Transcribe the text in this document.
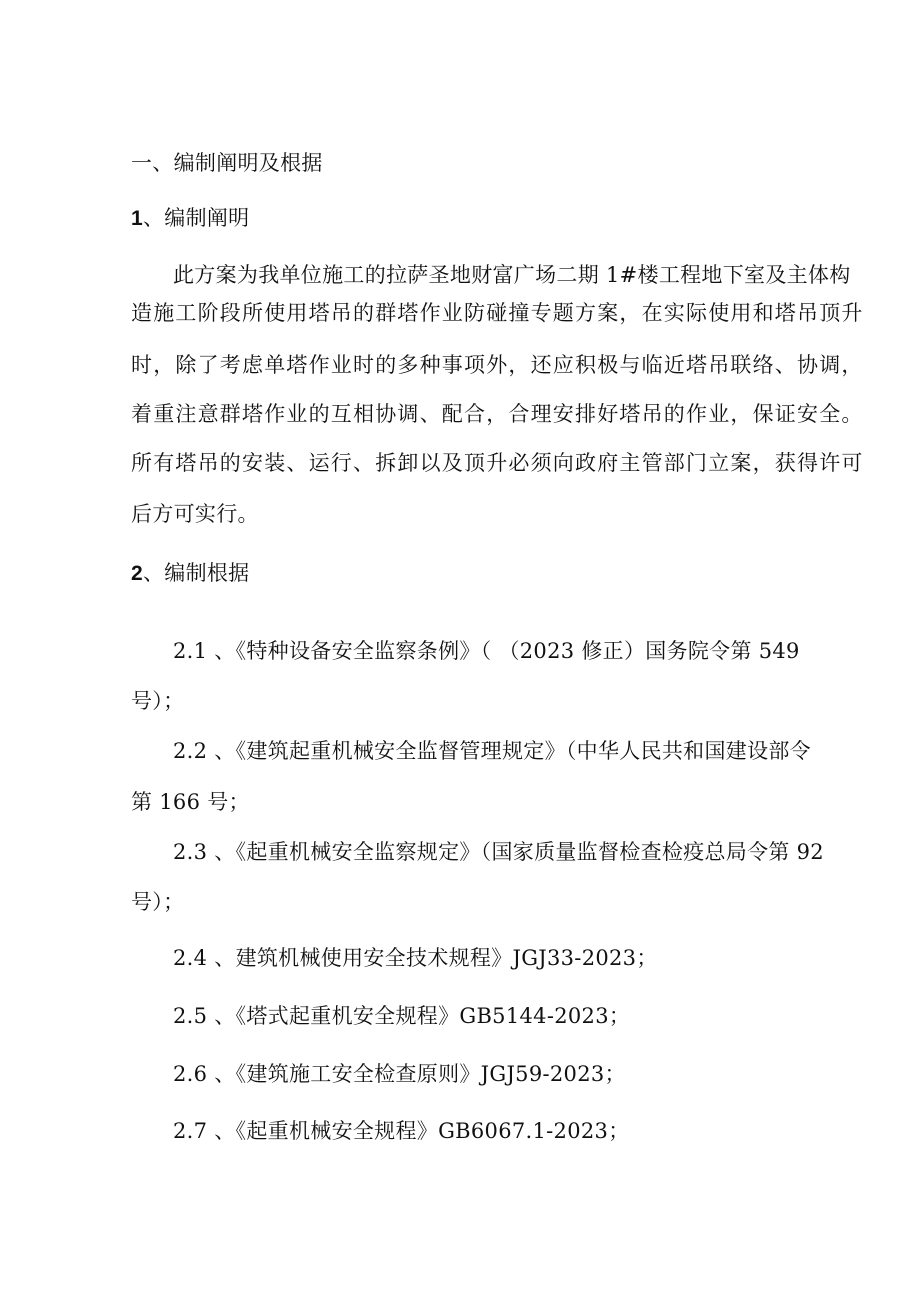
一、编制阐明及根据
1、编制阐明
此方案为我单位施工的拉萨圣地财富广场二期 1#楼工程地下室及主体构
造施工阶段所使用塔吊的群塔作业防碰撞专题方案，在实际使用和塔吊顶升
时，除了考虑单塔作业时的多种事项外，还应积极与临近塔吊联络、协调，
着重注意群塔作业的互相协调、配合，合理安排好塔吊的作业，保证安全。
所有塔吊的安装、运行、拆卸以及顶升必须向政府主管部门立案，获得许可
后方可实行。
2、编制根据
2.1 、《特种设备安全监察条例》（ （2023 修正）国务院令第 549
号）；
2.2 、《建筑起重机械安全监督管理规定》（中华人民共和国建设部令
第 166 号；
2.3 、《起重机械安全监察规定》（国家质量监督检查检疫总局令第 92
号）；
2.4 、建筑机械使用安全技术规程》JGJ33-2023；
2.5 、《塔式起重机安全规程》GB5144-2023；
2.6 、《建筑施工安全检查原则》JGJ59-2023；
2.7 、《起重机械安全规程》GB6067.1-2023；
